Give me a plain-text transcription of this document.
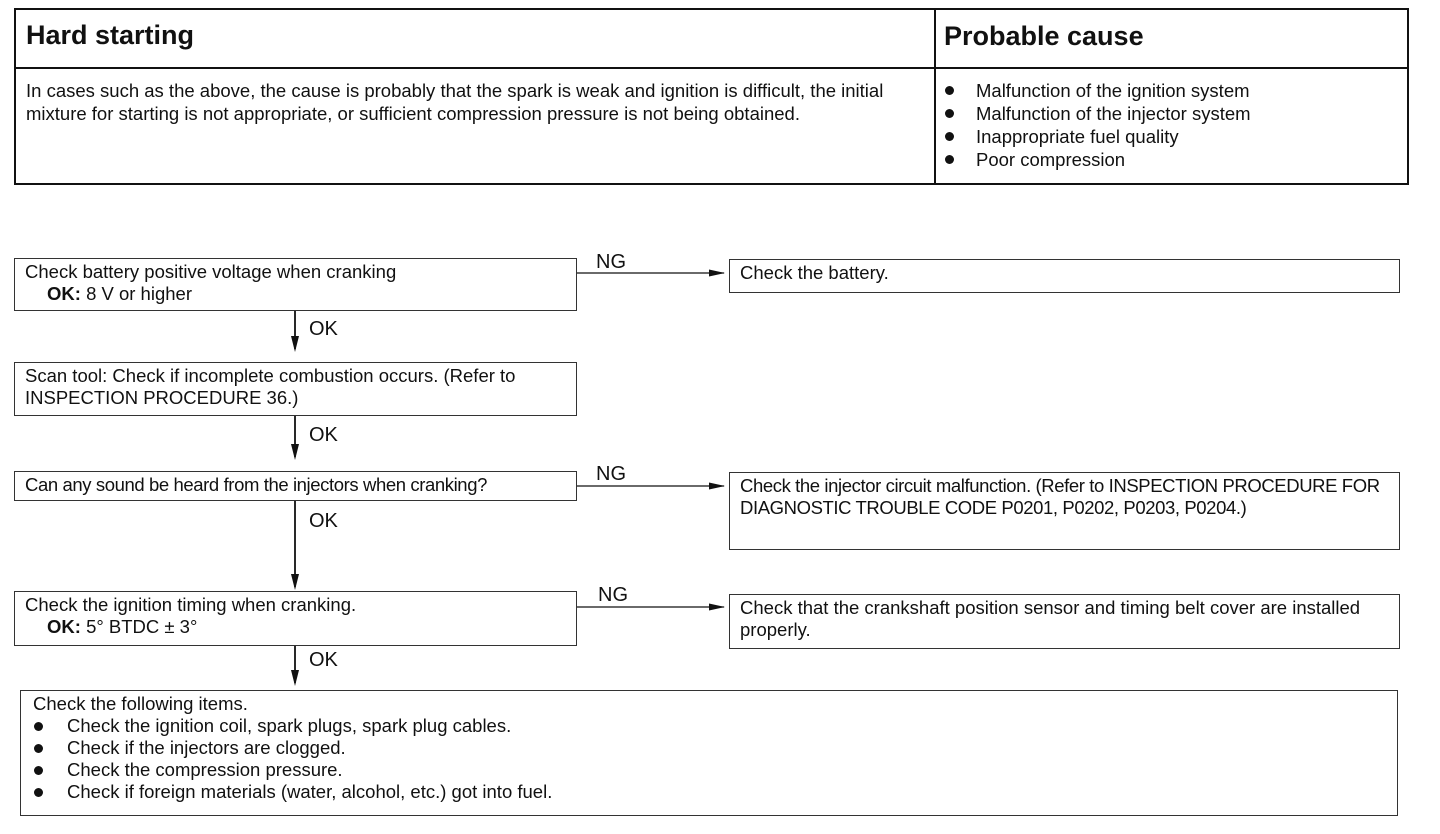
Hard starting	Probable cause
In cases such as the above, the cause is probably that the spark is weak and ignition is difficult, the initial mixture for starting is not appropriate, or sufficient compression pressure is not being obtained.
Malfunction of the ignition system
Malfunction of the injector system
Inappropriate fuel quality
Poor compression
Check battery positive voltage when cranking
OK: 8 V or higher
Check the battery.
Scan tool: Check if incomplete combustion occurs. (Refer to INSPECTION PROCEDURE 36.)
Can any sound be heard from the injectors when cranking?	Check the injector circuit malfunction. (Refer to INSPECTION PROCEDURE FOR DIAGNOSTIC TROUBLE CODE P0201, P0202, P0203, P0204.)
Check the ignition timing when cranking.
OK: 5° BTDC ± 3°
Check that the crankshaft position sensor and timing belt cover are installed properly.
Check the following items.
Check the ignition coil, spark plugs, spark plug cables.
Check if the injectors are clogged.
Check the compression pressure.
Check if foreign materials (water, alcohol, etc.) got into fuel.
NG
NG
NG
OK
OK
OK
OK
